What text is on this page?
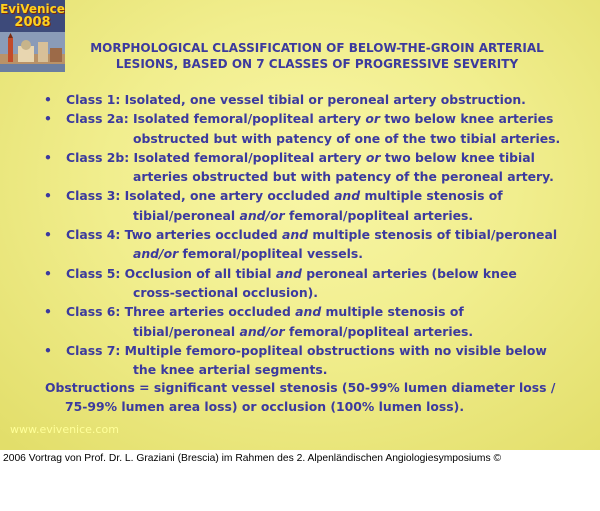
EviVenice
2008
MORPHOLOGICAL CLASSIFICATION OF BELOW-THE-GROIN ARTERIAL
LESIONS, BASED ON 7 CLASSES OF PROGRESSIVE SEVERITY
• Class 1: Isolated, one vessel tibial or peroneal artery obstruction.
• Class 2a: Isolated femoral/popliteal artery or two below knee arteries
obstructed but with patency of one of the two tibial arteries.
• Class 2b: Isolated femoral/popliteal artery or two below knee tibial
arteries obstructed but with patency of the peroneal artery.
• Class 3: Isolated, one artery occluded and multiple stenosis of
tibial/peroneal and/or femoral/popliteal arteries.
• Class 4: Two arteries occluded and multiple stenosis of tibial/peroneal
and/or femoral/popliteal vessels.
• Class 5: Occlusion of all tibial and peroneal arteries (below knee
cross-sectional occlusion).
• Class 6: Three arteries occluded and multiple stenosis of
tibial/peroneal and/or femoral/popliteal arteries.
• Class 7: Multiple femoro-popliteal obstructions with no visible below
the knee arterial segments.
Obstructions = significant vessel stenosis (50-99% lumen diameter loss /
75-99% lumen area loss) or occlusion (100% lumen loss).
www.evivenice.com
2006 Vortrag von Prof. Dr. L. Graziani (Brescia) im Rahmen des 2. Alpenländischen Angiologiesymposiums ©
